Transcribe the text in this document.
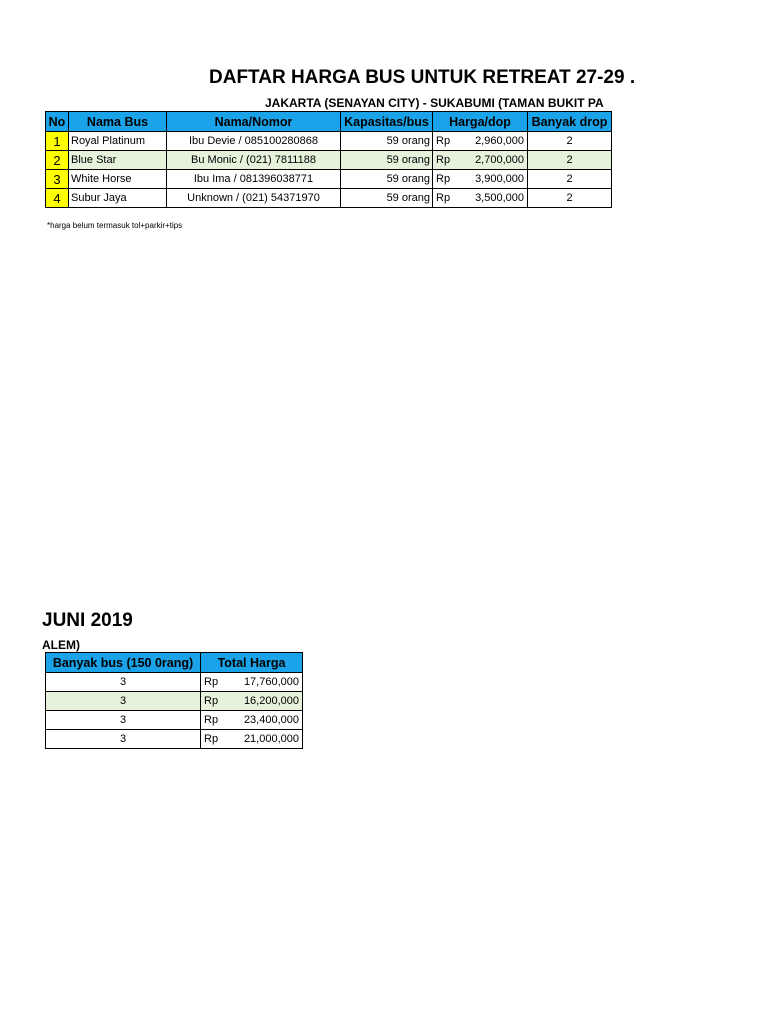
DAFTAR HARGA BUS UNTUK RETREAT 27-29 .
JAKARTA (SENAYAN CITY) - SUKABUMI (TAMAN BUKIT PA
No	Nama Bus	Nama/Nomor	Kapasitas/bus	Harga/dop	Banyak drop
1	Royal Platinum	Ibu Devie / 085100280868	59 orang	Rp 2,960,000	2
2	Blue Star	Bu Monic / (021) 7811188	59 orang	Rp 2,700,000	2
3	White Horse	Ibu Ima / 081396038771	59 orang	Rp 3,900,000	2
4	Subur Jaya	Unknown / (021) 54371970	59 orang	Rp 3,500,000	2
*harga belum termasuk tol+parkir+tips
JUNI 2019
ALEM)
Banyak bus (150 0rang)	Total Harga	
3	Rp	17,760,000
3	Rp	16,200,000
3	Rp	23,400,000
3	Rp	21,000,000
